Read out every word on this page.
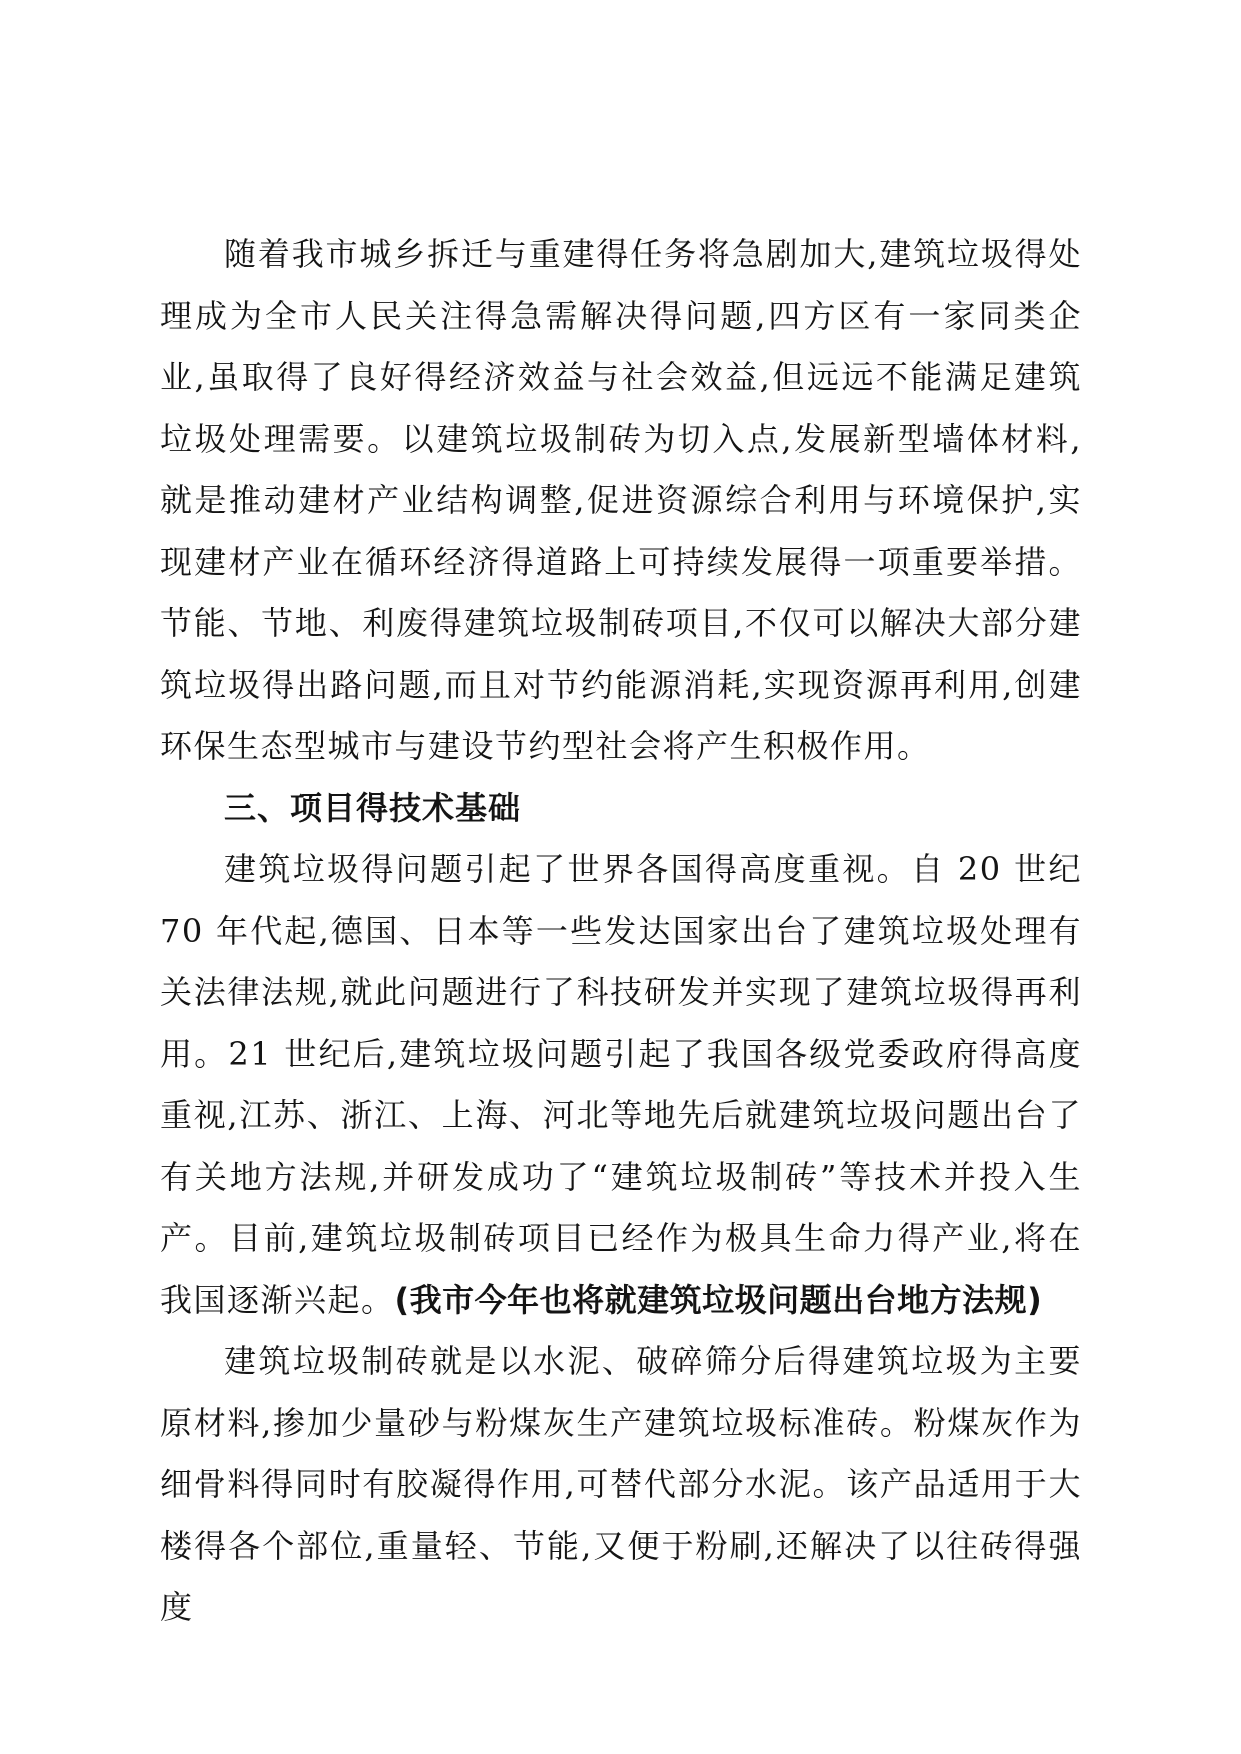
随着我市城乡拆迁与重建得任务将急剧加大,建筑垃圾得处理成为全市人民关注得急需解决得问题,四方区有一家同类企业,虽取得了良好得经济效益与社会效益,但远远不能满足建筑垃圾处理需要。以建筑垃圾制砖为切入点,发展新型墙体材料,就是推动建材产业结构调整,促进资源综合利用与环境保护,实现建材产业在循环经济得道路上可持续发展得一项重要举措。节能、节地、利废得建筑垃圾制砖项目,不仅可以解决大部分建筑垃圾得出路问题,而且对节约能源消耗,实现资源再利用,创建环保生态型城市与建设节约型社会将产生积极作用。

三、项目得技术基础

建筑垃圾得问题引起了世界各国得高度重视。自 20 世纪 70 年代起,德国、日本等一些发达国家出台了建筑垃圾处理有关法律法规,就此问题进行了科技研发并实现了建筑垃圾得再利用。21 世纪后,建筑垃圾问题引起了我国各级党委政府得高度重视,江苏、浙江、上海、河北等地先后就建筑垃圾问题出台了有关地方法规,并研发成功了“建筑垃圾制砖”等技术并投入生产。目前,建筑垃圾制砖项目已经作为极具生命力得产业,将在我国逐渐兴起。(我市今年也将就建筑垃圾问题出台地方法规)

建筑垃圾制砖就是以水泥、破碎筛分后得建筑垃圾为主要原材料,掺加少量砂与粉煤灰生产建筑垃圾标准砖。粉煤灰作为细骨料得同时有胶凝得作用,可替代部分水泥。该产品适用于大楼得各个部位,重量轻、节能,又便于粉刷,还解决了以往砖得强度
